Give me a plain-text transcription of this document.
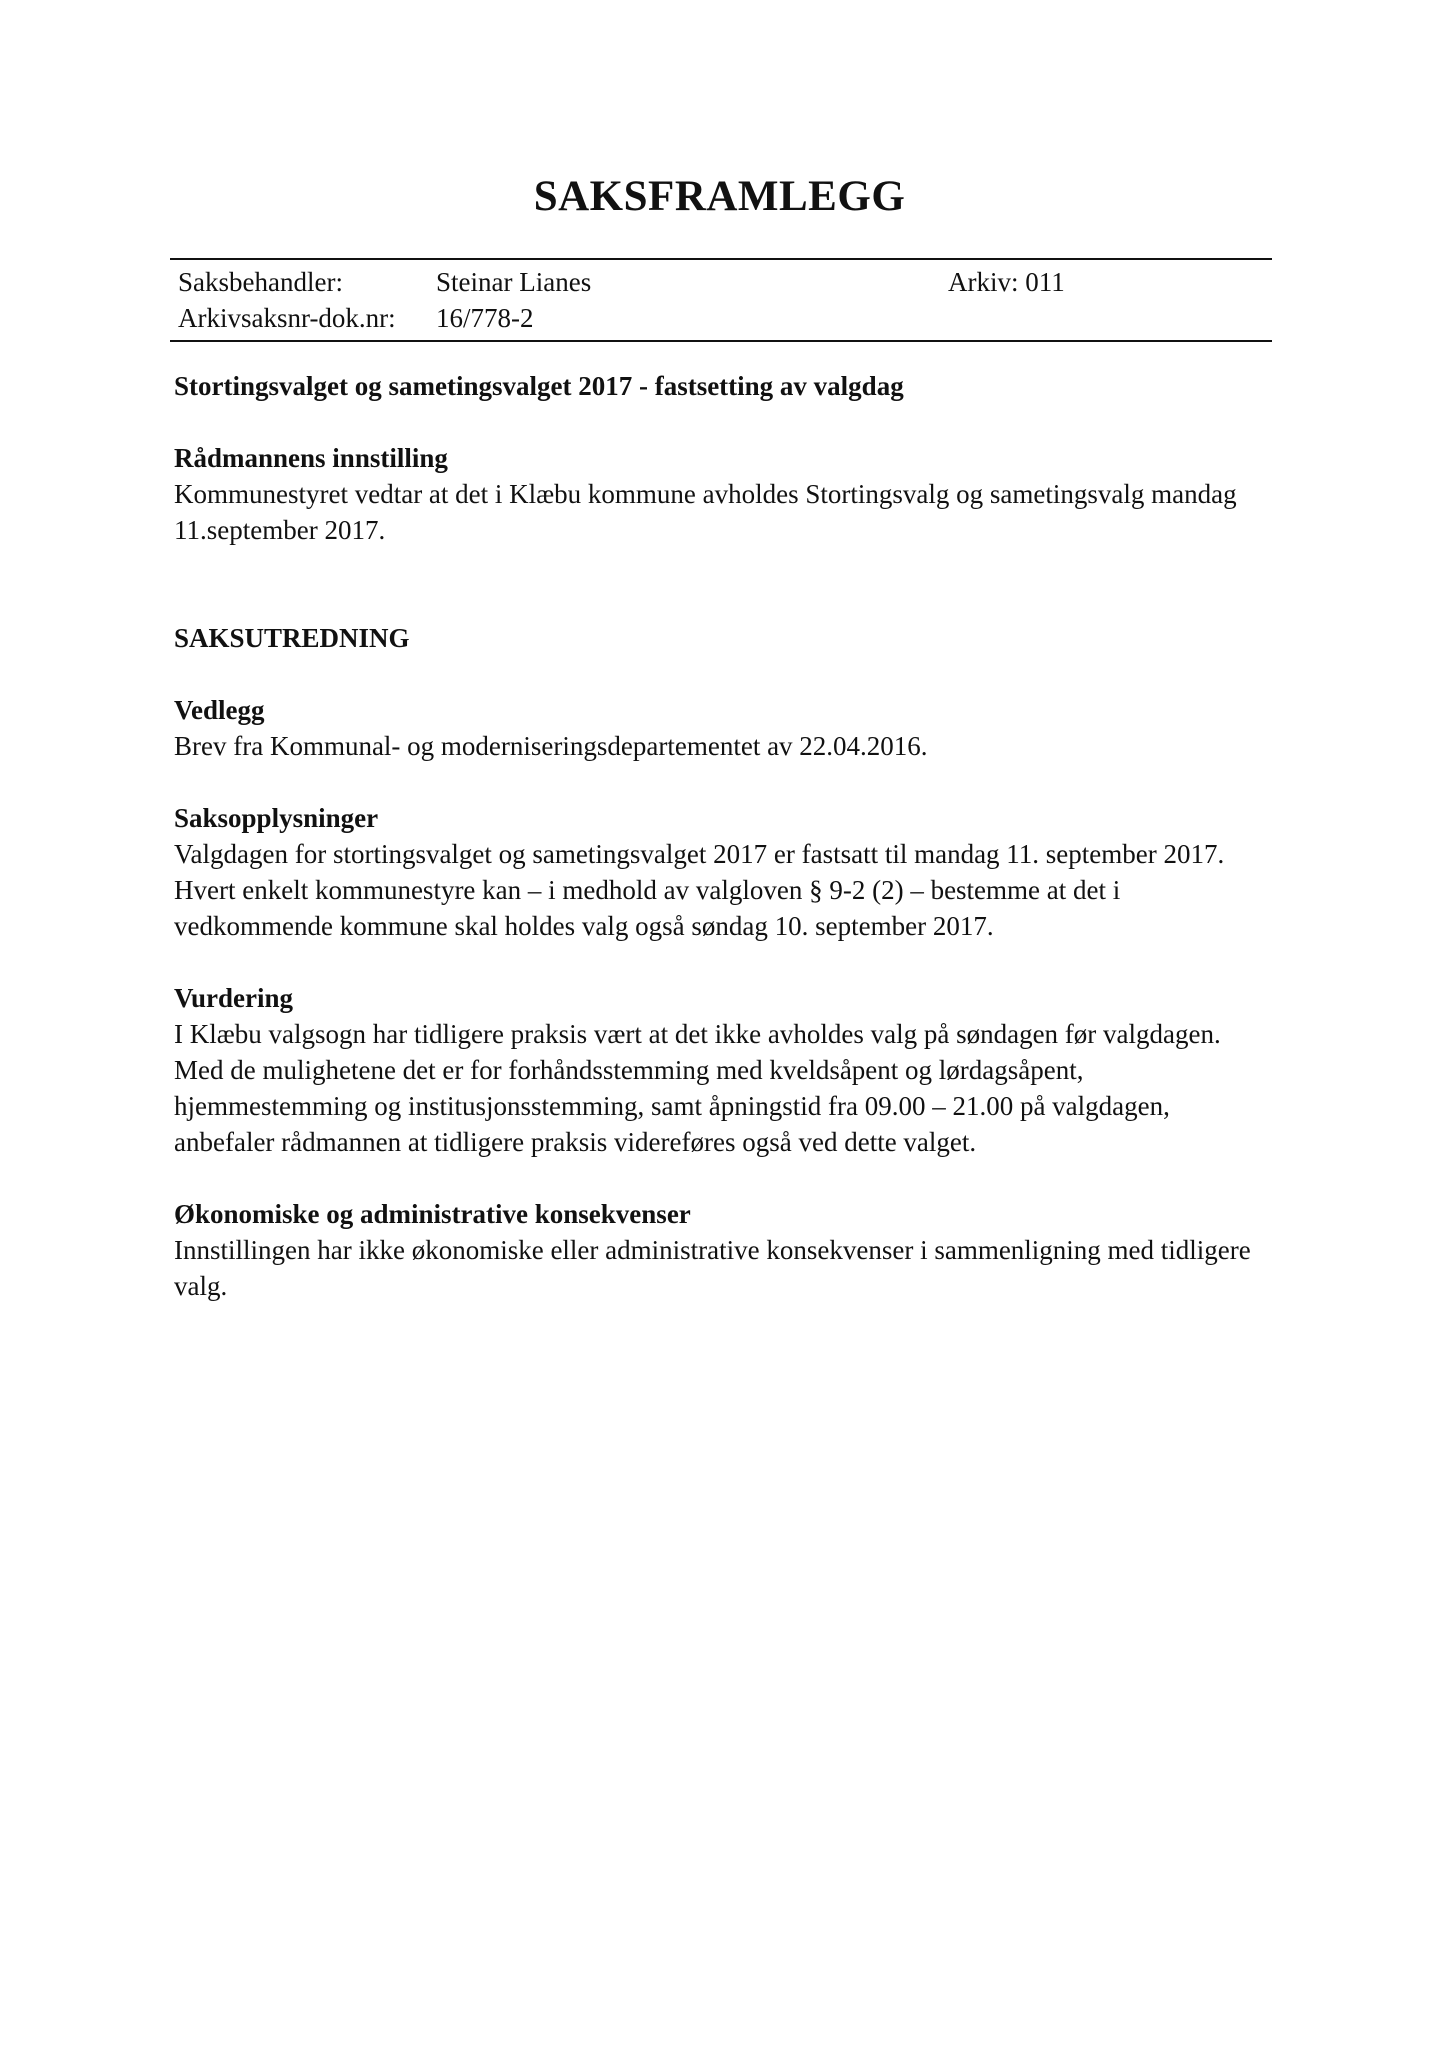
SAKSFRAMLEGG
Saksbehandler:	Steinar Lianes	Arkiv: 011
Arkivsaksnr-dok.nr: 16/778-2

Stortingsvalget og sametingsvalget 2017 - fastsetting av valgdag

Rådmannens innstilling

Kommunestyret vedtar at det i Klæbu kommune avholdes Stortingsvalg og sametingsvalg mandag 11.september 2017.

SAKSUTREDNING
Vedlegg

Brev fra Kommunal- og moderniseringsdepartementet av 22.04.2016.

Saksopplysninger

Valgdagen for stortingsvalget og sametingsvalget 2017 er fastsatt til mandag 11. september 2017. Hvert enkelt kommunestyre kan – i medhold av valgloven § 9-2 (2) – bestemme at det i vedkommende kommune skal holdes valg også søndag 10. september 2017.

Vurdering

I Klæbu valgsogn har tidligere praksis vært at det ikke avholdes valg på søndagen før valgdagen. Med de mulighetene det er for forhåndsstemming med kveldsåpent og lørdagsåpent, hjemmestemming og institusjonsstemming, samt åpningstid fra 09.00 – 21.00 på valgdagen, anbefaler rådmannen at tidligere praksis videreføres også ved dette valget.

Økonomiske og administrative konsekvenser

Innstillingen har ikke økonomiske eller administrative konsekvenser i sammenligning med tidligere valg.
